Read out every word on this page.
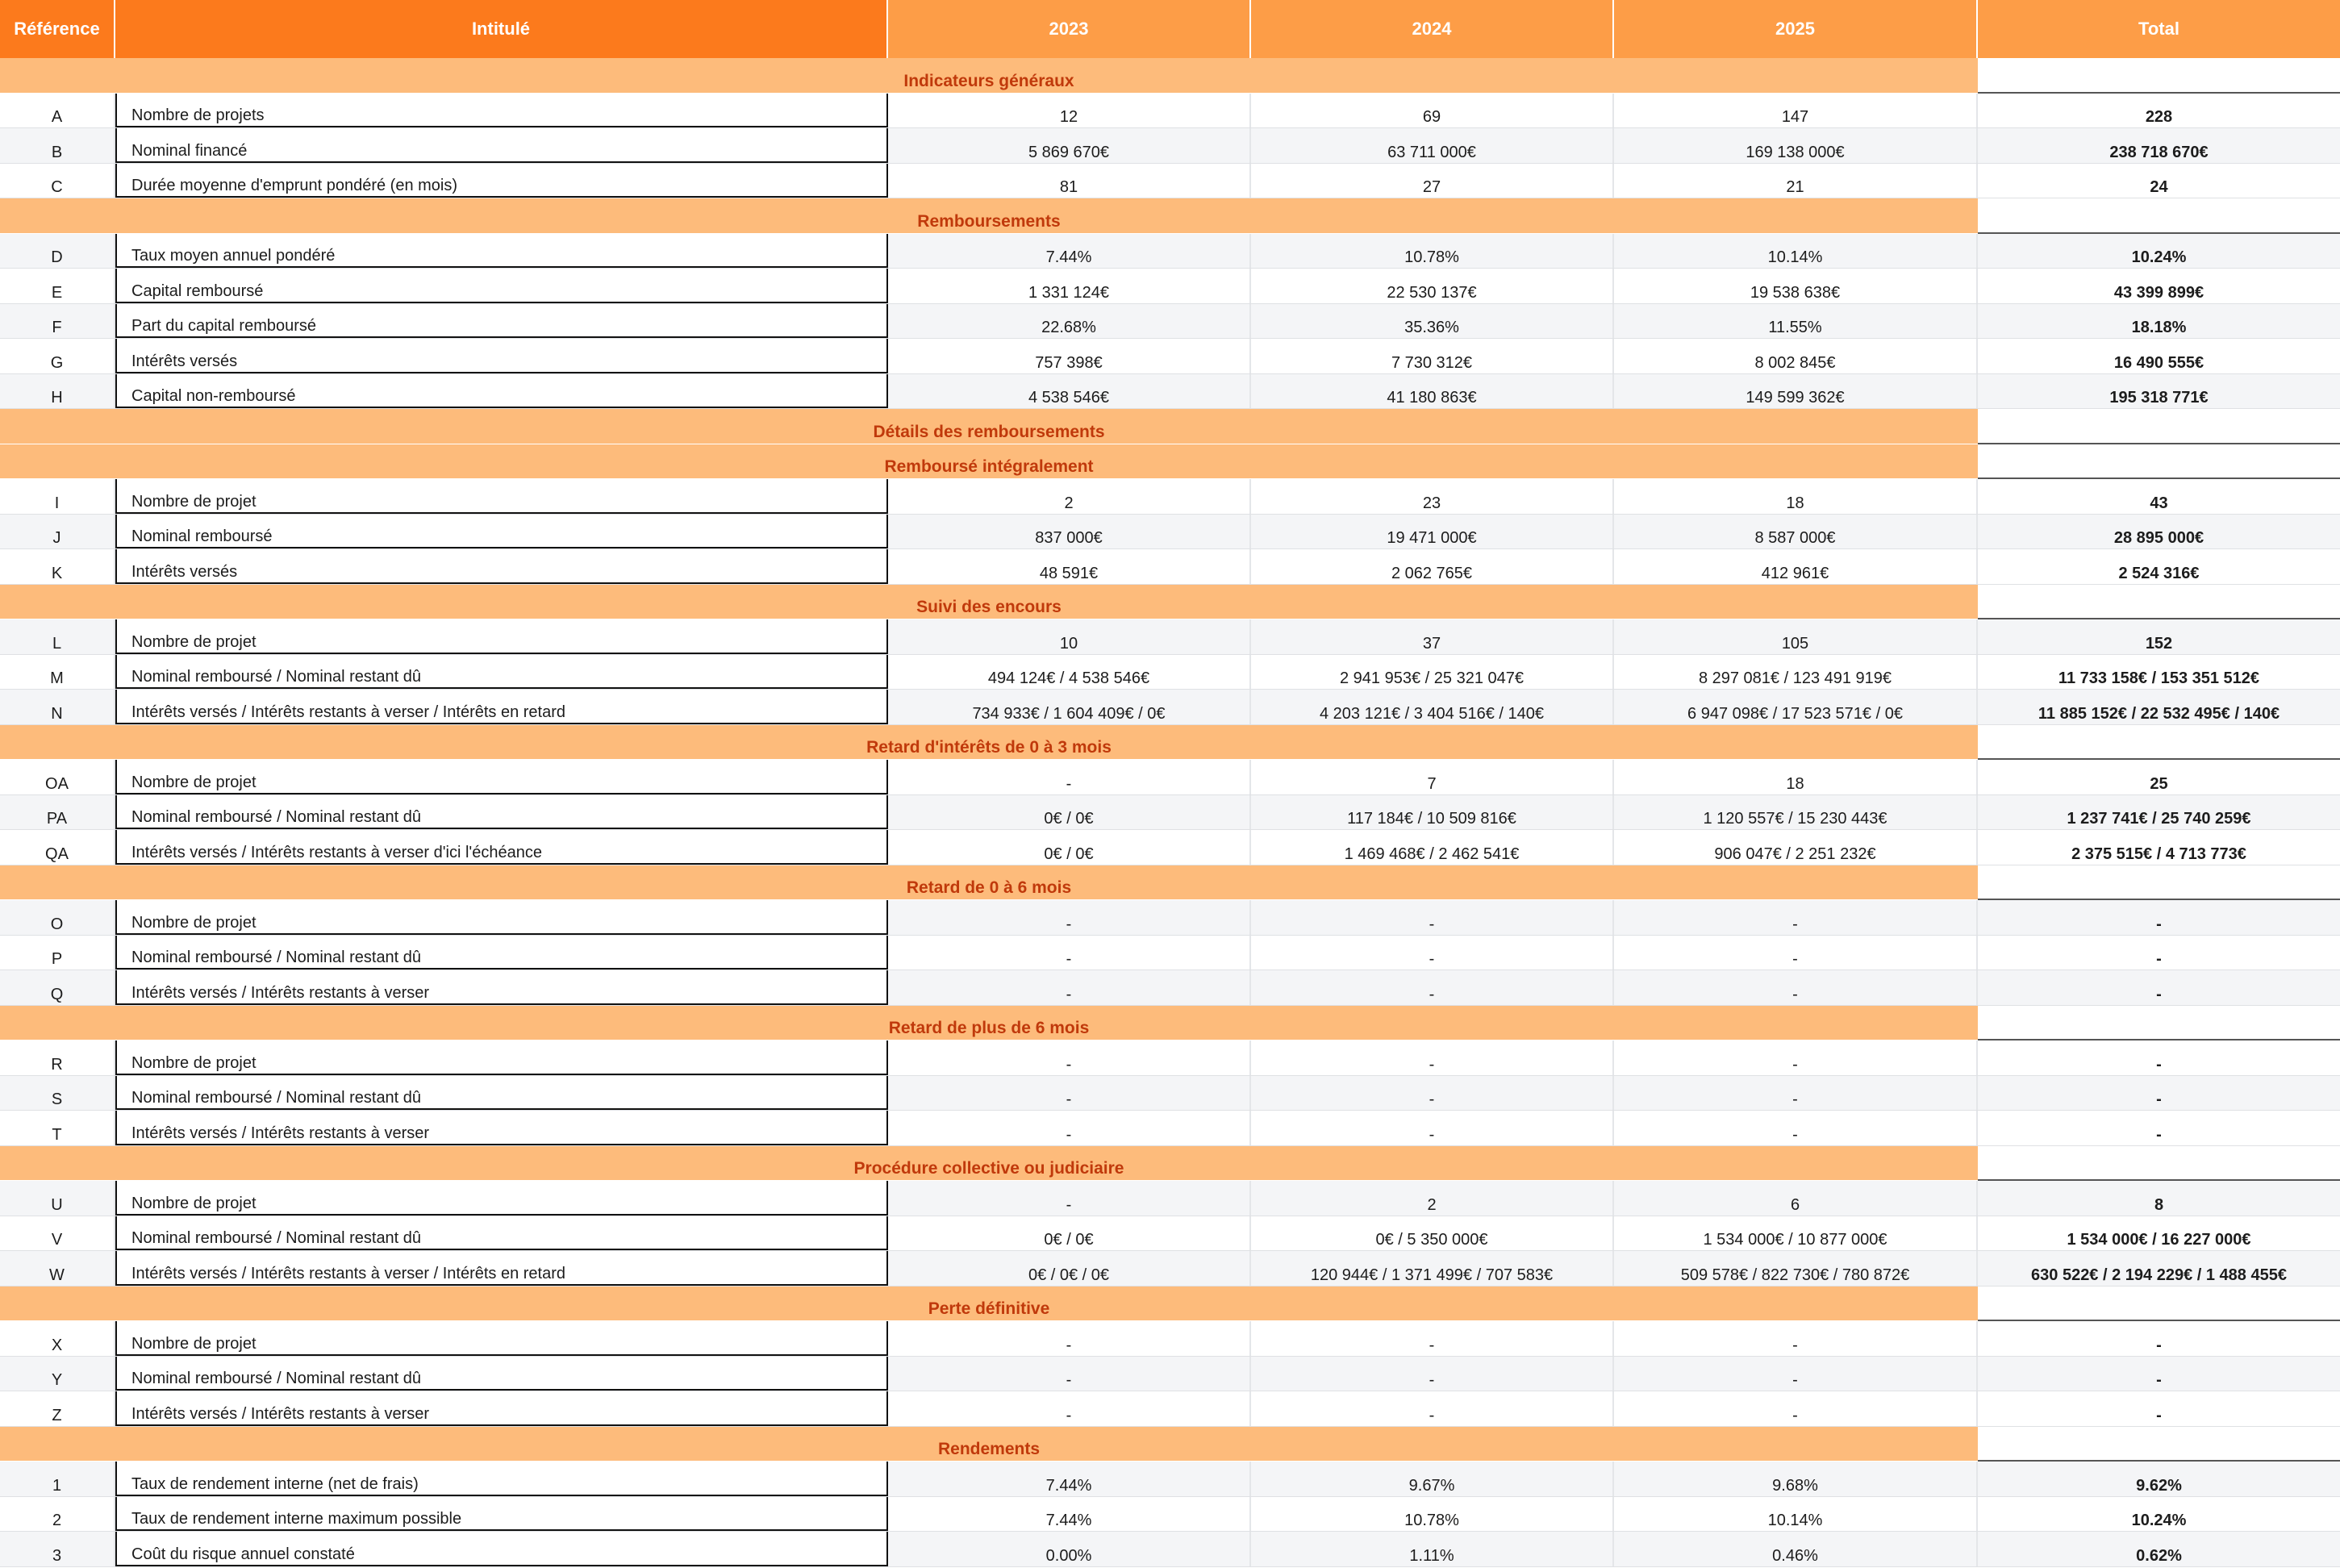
Référence	Intitulé	2023	2024	2025	Total
Indicateurs généraux
A	Nombre de projets	12	69	147	228
B	Nominal financé	5 869 670€	63 711 000€	169 138 000€	238 718 670€
C	Durée moyenne d'emprunt pondéré (en mois)	81	27	21	24
Remboursements
D	Taux moyen annuel pondéré	7.44%	10.78%	10.14%	10.24%
E	Capital remboursé	1 331 124€	22 530 137€	19 538 638€	43 399 899€
F	Part du capital remboursé	22.68%	35.36%	11.55%	18.18%
G	Intérêts versés	757 398€	7 730 312€	8 002 845€	16 490 555€
H	Capital non-remboursé	4 538 546€	41 180 863€	149 599 362€	195 318 771€
Détails des remboursements
Remboursé intégralement
I	Nombre de projet	2	23	18	43
J	Nominal remboursé	837 000€	19 471 000€	8 587 000€	28 895 000€
K	Intérêts versés	48 591€	2 062 765€	412 961€	2 524 316€
Suivi des encours
L	Nombre de projet	10	37	105	152
M	Nominal remboursé / Nominal restant dû	494 124€ / 4 538 546€	2 941 953€ / 25 321 047€	8 297 081€ / 123 491 919€	11 733 158€ / 153 351 512€
N	Intérêts versés / Intérêts restants à verser / Intérêts en retard	734 933€ / 1 604 409€ / 0€	4 203 121€ / 3 404 516€ / 140€	6 947 098€ / 17 523 571€ / 0€	11 885 152€ / 22 532 495€ / 140€
Retard d'intérêts de 0 à 3 mois
OA	Nombre de projet	-	7	18	25
PA	Nominal remboursé / Nominal restant dû	0€ / 0€	117 184€ / 10 509 816€	1 120 557€ / 15 230 443€	1 237 741€ / 25 740 259€
QA	Intérêts versés / Intérêts restants à verser d'ici l'échéance	0€ / 0€	1 469 468€ / 2 462 541€	906 047€ / 2 251 232€	2 375 515€ / 4 713 773€
Retard de 0 à 6 mois
O	Nombre de projet	-	-	-	-
P	Nominal remboursé / Nominal restant dû	-	-	-	-
Q	Intérêts versés / Intérêts restants à verser	-	-	-	-
Retard de plus de 6 mois
R	Nombre de projet	-	-	-	-
S	Nominal remboursé / Nominal restant dû	-	-	-	-
T	Intérêts versés / Intérêts restants à verser	-	-	-	-
Procédure collective ou judiciaire
U	Nombre de projet	-	2	6	8
V	Nominal remboursé / Nominal restant dû	0€ / 0€	0€ / 5 350 000€	1 534 000€ / 10 877 000€	1 534 000€ / 16 227 000€
W	Intérêts versés / Intérêts restants à verser / Intérêts en retard	0€ / 0€ / 0€	120 944€ / 1 371 499€ / 707 583€	509 578€ / 822 730€ / 780 872€	630 522€ / 2 194 229€ / 1 488 455€
Perte définitive
X	Nombre de projet	-	-	-	-
Y	Nominal remboursé / Nominal restant dû	-	-	-	-
Z	Intérêts versés / Intérêts restants à verser	-	-	-	-
Rendements
1	Taux de rendement interne (net de frais)	7.44%	9.67%	9.68%	9.62%
2	Taux de rendement interne maximum possible	7.44%	10.78%	10.14%	10.24%
3	Coût du risque annuel constaté	0.00%	1.11%	0.46%	0.62%
